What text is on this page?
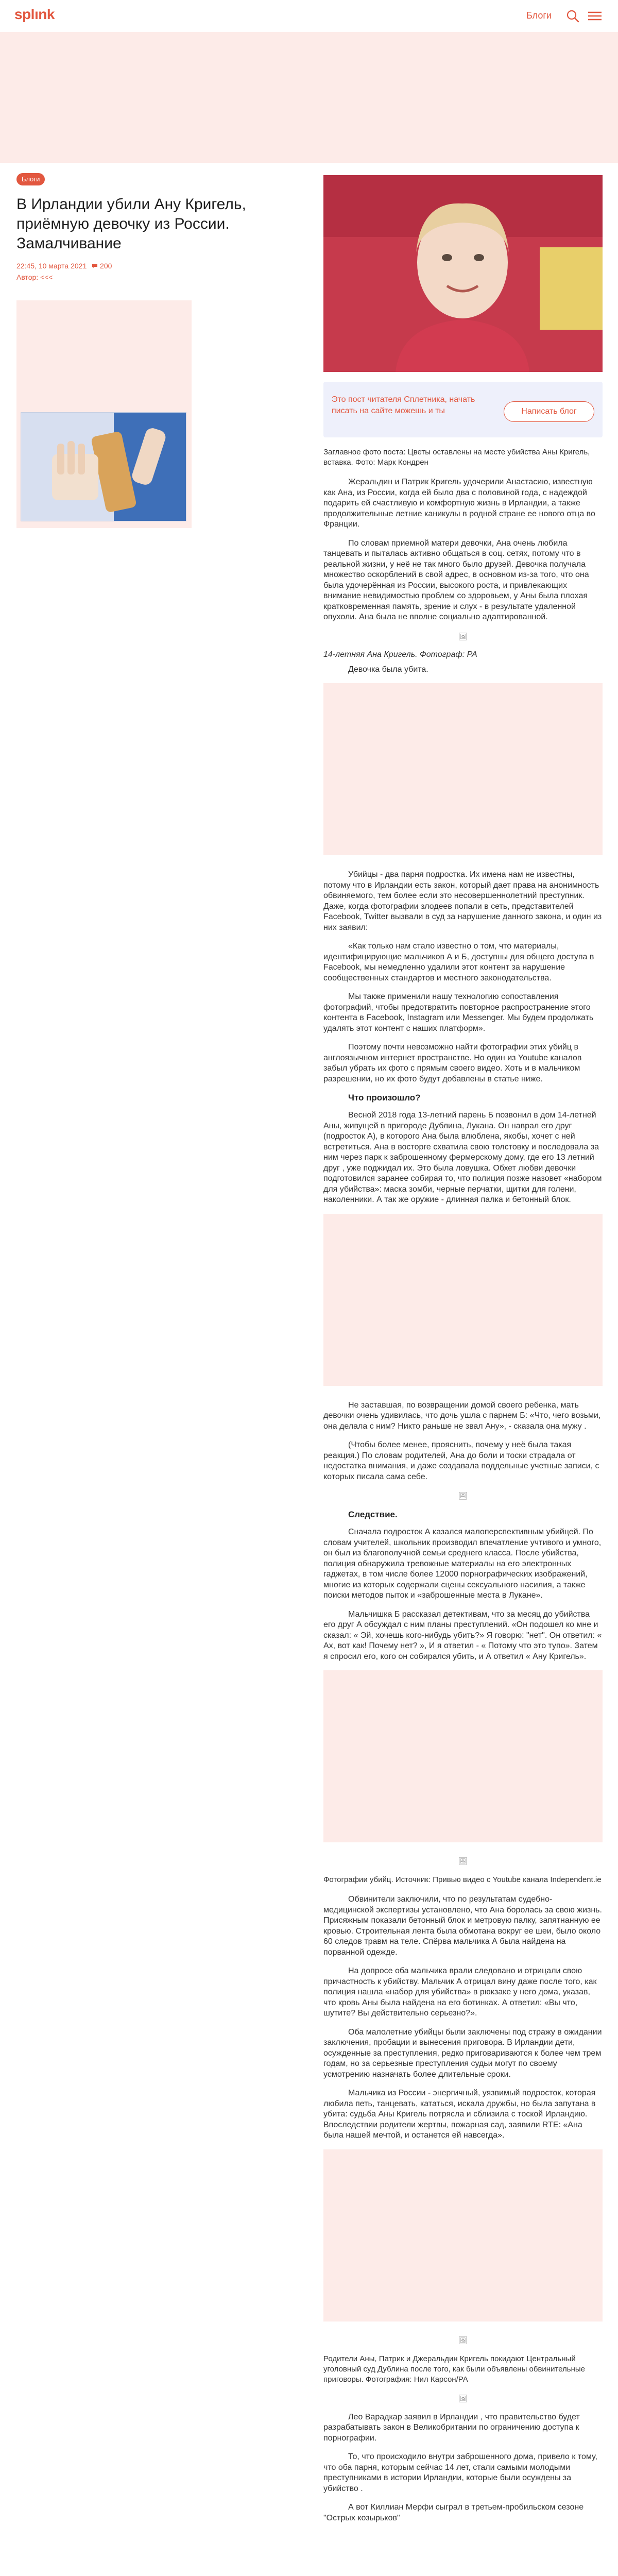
splınk	Блоги
Блоги
В Ирландии убили Ану Кригель, приёмную девочку из России. Замалчивание
22:45, 10 марта 2021 200
Автор: <<<
Это пост читателя Сплетника, начать писать на сайте можешь и ты	Написать блог

Заглавное фото поста: Цветы оставлены на месте убийства Аны Кригель, вставка. Фото: Марк Кондрен

Жеральдин и Патрик Кригель удочерили Анастасию, известную как Ана, из России, когда ей было два с половиной года, с надеждой подарить ей счастливую и комфортную жизнь в Ирландии, а также продолжительные летние каникулы в родной стране ее нового отца во Франции.

По словам приемной матери девочки, Ана очень любила танцевать и пыталась активно общаться в соц. сетях, потому что в реальной жизни, у неё не так много было друзей. Девочка получала множество оскорблений в свой адрес, в основном из-за того, что она была удочерённая из России, высокого роста, и привлекающих внимание невидимостью проблем со здоровьем, у Аны была плохая кратковременная память, зрение и слух - в результате удаленной опухоли. Ана была не вполне социально адаптированной.

🖼

14-летняя Ана Кригель. Фотограф: РА

Девочка была убита.

Убийцы - два парня подростка. Их имена нам не известны, потому что в Ирландии есть закон, который дает права на анонимность обвиняемого, тем более если это несовершеннолетний преступник. Даже, когда фотографии злодеев попали в сеть, представителей Facebook, Twitter вызвали в суд за нарушение данного закона, и один из них заявил:

«Как только нам стало известно о том, что материалы, идентифицирующие мальчиков А и Б, доступны для общего доступа в Facebook, мы немедленно удалили этот контент за нарушение сообщественных стандартов и местного законодательства.

Мы также применили нашу технологию сопоставления фотографий, чтобы предотвратить повторное распространение этого контента в Facebook, Instagram или Messenger. Мы будем продолжать удалять этот контент с наших платформ».

Поэтому почти невозможно найти фотографии этих убийц в англоязычном интернет пространстве. Но один из Youtube каналов забыл убрать их фото с прямым своего видео. Хоть и в мальчиком разрешении, но их фото будут добавлены в статье ниже.

Что произошло?

Весной 2018 года 13-летний парень Б позвонил в дом 14-летней Аны, живущей в пригороде Дублина, Лукана. Он наврал его друг (подросток А), в которого Ана была влюблена, якобы, хочет с ней встретиться. Ана в восторге схватила свою толстовку и последовала за ним через парк к заброшенному фермерскому дому, где его 13 летний друг , уже поджидал их. Это была ловушка. Обхет любви девочки подготовился заранее собирая то, что полиция позже назовет «набором для убийства»: маска зомби, черные перчатки, щитки для голени, наколенники. А так же оружие - длинная палка и бетонный блок.

Не заставшая, по возвращении домой своего ребенка, мать девочки очень удивилась, что дочь ушла с парнем Б: «Что, чего возьми, она делала с ним? Никто раньше не звал Ану», - сказала она мужу .

(Чтобы более менее, прояснить, почему у неё была такая реакция.) По словам родителей, Ана до боли и тоски страдала от недостатка внимания, и даже создавала поддельные учетные записи, с которых писала сама себе.

🖼
Следствие.

Сначала подросток А казался малоперспективным убийцей. По словам учителей, школьник производил впечатление учтивого и умного, он был из благополучной семьи среднего класса. После убийства, полиция обнаружила тревожные материалы на его электронных гаджетах, в том числе более 12000 порнографических изображений, многие из которых содержали сцены сексуального насилия, а также поиски методов пыток и «заброшенные места в Лукане».

Мальчишка Б рассказал детективам, что за месяц до убийства его друг А обсуждал с ним планы преступлений. «Он подошел ко мне и сказал: « Эй, хочешь кого-нибудь убить?» Я говорю: "нет". Он ответил: « Ах, вот как! Почему нет? », И я ответил - « Потому что это тупо». Затем я спросил его, кого он собирался убить, и А ответил « Ану Кригель».

🖼

Фотографии убийц. Источник: Привью видео с Youtube канала Independent.ie

Обвинители заключили, что по результатам судебно-медицинской экспертизы установлено, что Ана боролась за свою жизнь. Присяжным показали бетонный блок и метровую палку, запятнанную ее кровью. Строительная лента была обмотана вокруг ее шеи, было около 60 следов травм на теле. Спёрва мальчика А была найдена на порванной одежде.

На допросе оба мальчика врали следовано и отрицали свою причастность к убийству. Мальчик А отрицал вину даже после того, как полиция нашла «набор для убийства» в рюкзаке у него дома, указав, что кровь Аны была найдена на его ботинках. А ответил: «Вы что, шутите? Вы действительно серьезно?».

Оба малолетние убийцы были заключены под стражу в ожидании заключения, пробации и вынесения приговора. В Ирландии дети, осужденные за преступления, редко приговариваются к более чем трем годам, но за серьезные преступления судьи могут по своему усмотрению назначать более длительные сроки.

Мальчика из России - энергичный, уязвимый подросток, которая любила петь, танцевать, кататься, искала дружбы, но была запутана в убита: судьба Аны Кригель потрясла и сблизила с тоской Ирландию. Впоследствии родители жертвы, пожарная сад, заявили RTE: «Ана была нашей мечтой, и останется ей навсегда».

🖼

Родители Аны, Патрик и Джеральдин Кригель покидают Центральный уголовный суд Дублина после того, как были объявлены обвинительные приговоры. Фотография: Нил Карсон/РА

🖼

Лео Варадкар заявил в Ирландии , что правительство будет разрабатывать закон в Великобритании по ограничению доступа к порнографии.

То, что происходило внутри заброшенного дома, привело к тому, что оба парня, которым сейчас 14 лет, стали самыми молодыми преступниками в истории Ирландии, которые были осуждены за убийство .

А вот Киллиан Мерфи сыграл в третьем-пробильском сезоне "Острых козырьков"
